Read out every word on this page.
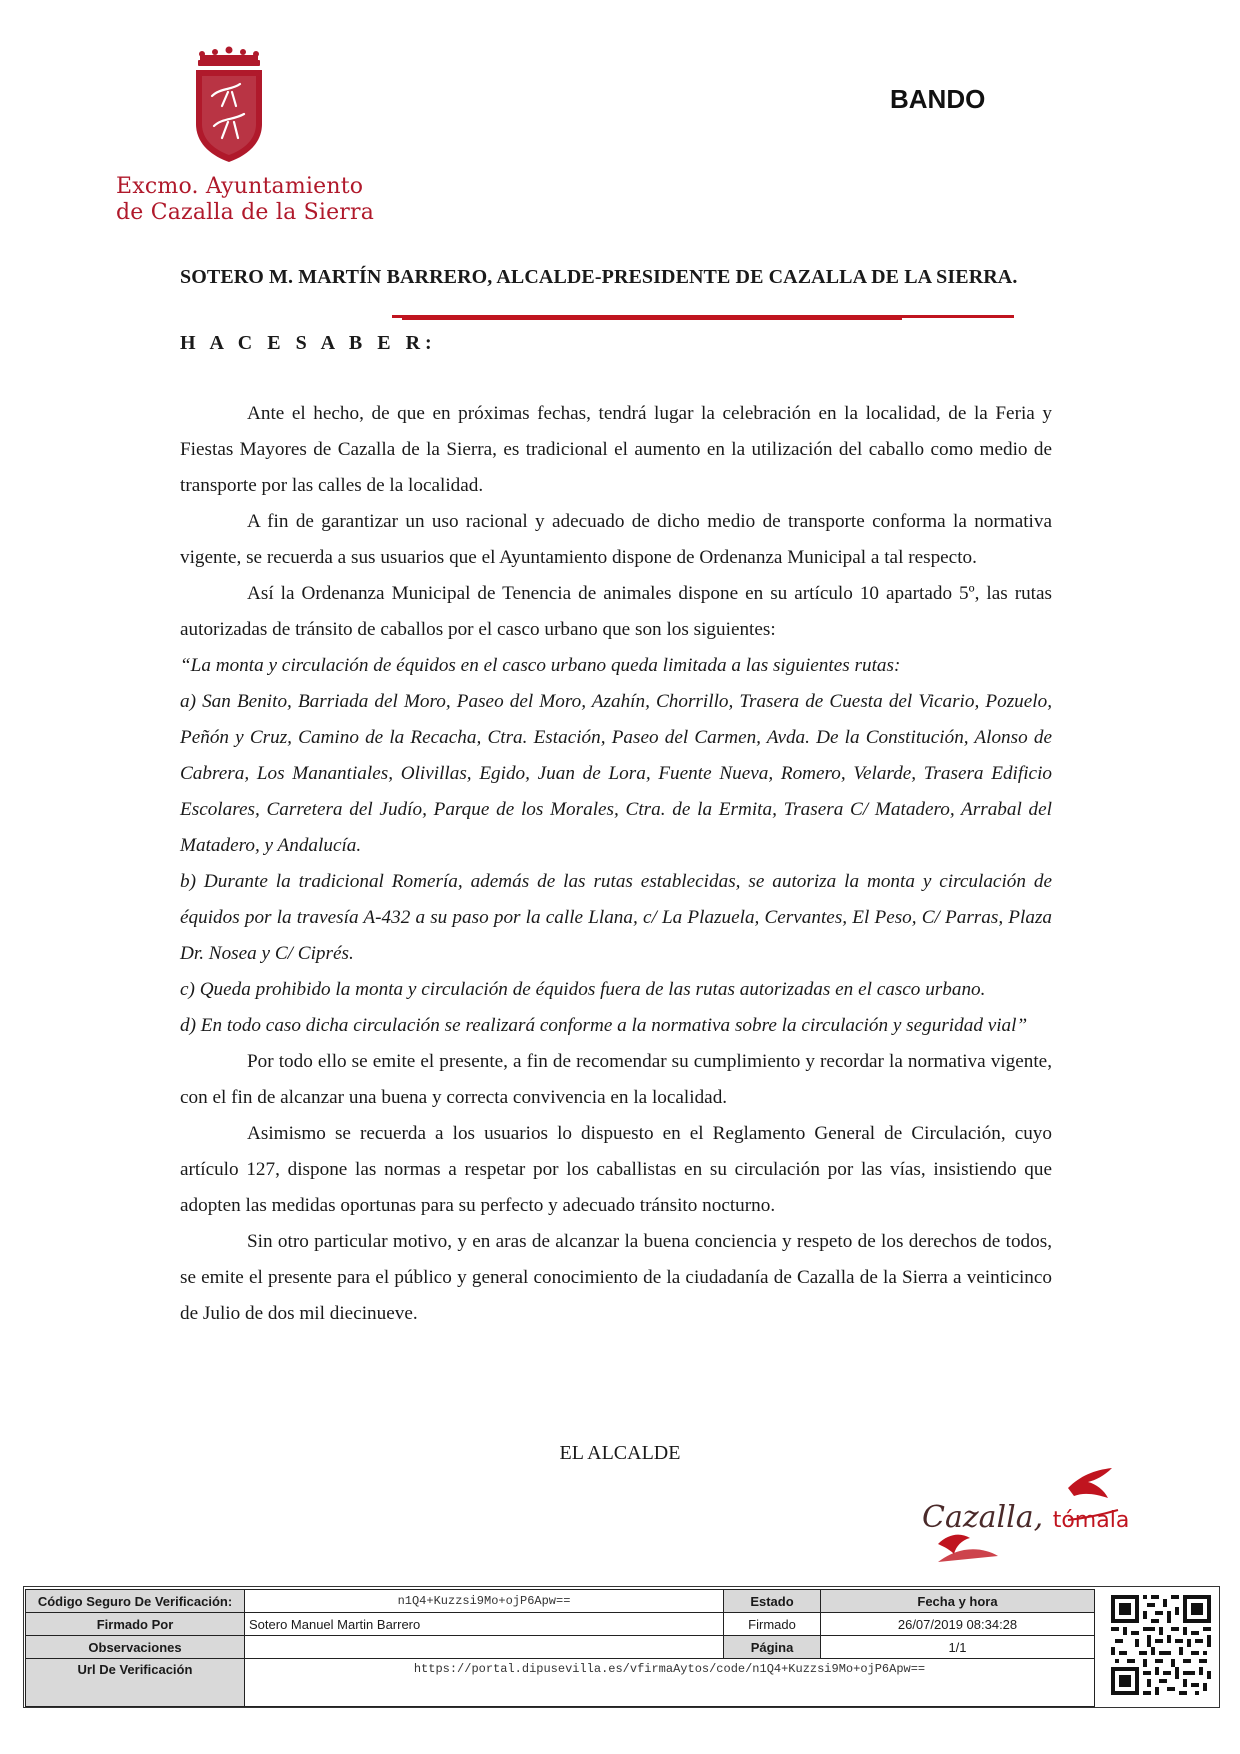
Excmo. Ayuntamiento
de Cazalla de la Sierra
BANDO
SOTERO M. MARTÍN BARRERO, ALCALDE-PRESIDENTE DE CAZALLA DE LA SIERRA.
H A C E S A B E R:

Ante el hecho, de que en próximas fechas, tendrá lugar la celebración en la localidad, de la Feria y Fiestas Mayores de Cazalla de la Sierra, es tradicional el aumento en la utilización del caballo como medio de transporte por las calles de la localidad.

A fin de garantizar un uso racional y adecuado de dicho medio de transporte conforma la normativa vigente, se recuerda a sus usuarios que el Ayuntamiento dispone de Ordenanza Municipal a tal respecto.

Así la Ordenanza Municipal de Tenencia de animales dispone en su artículo 10 apartado 5º, las rutas autorizadas de tránsito de caballos por el casco urbano que son los siguientes:

“La monta y circulación de équidos en el casco urbano queda limitada a las siguientes rutas:

a) San Benito, Barriada del Moro, Paseo del Moro, Azahín, Chorrillo, Trasera de Cuesta del Vicario, Pozuelo, Peñón y Cruz, Camino de la Recacha, Ctra. Estación, Paseo del Carmen, Avda. De la Constitución, Alonso de Cabrera, Los Manantiales, Olivillas, Egido, Juan de Lora, Fuente Nueva, Romero, Velarde, Trasera Edificio Escolares, Carretera del Judío, Parque de los Morales, Ctra. de la Ermita, Trasera C/ Matadero, Arrabal del Matadero, y Andalucía.

b) Durante la tradicional Romería, además de las rutas establecidas, se autoriza la monta y circulación de équidos por la travesía A-432 a su paso por la calle Llana, c/ La Plazuela, Cervantes, El Peso, C/ Parras, Plaza Dr. Nosea y C/ Ciprés.

c) Queda prohibido la monta y circulación de équidos fuera de las rutas autorizadas en el casco urbano.

d) En todo caso dicha circulación se realizará conforme a la normativa sobre la circulación y seguridad vial”

Por todo ello se emite el presente, a fin de recomendar su cumplimiento y recordar la normativa vigente, con el fin de alcanzar una buena y correcta convivencia en la localidad.

Asimismo se recuerda a los usuarios lo dispuesto en el Reglamento General de Circulación, cuyo artículo 127, dispone las normas a respetar por los caballistas en su circulación por las vías, insistiendo que adopten las medidas oportunas para su perfecto y adecuado tránsito nocturno.

Sin otro particular motivo, y en aras de alcanzar la buena conciencia y respeto de los derechos de todos, se emite el presente para el público y general conocimiento de la ciudadanía de Cazalla de la Sierra a veinticinco de Julio de dos mil diecinueve.

EL ALCALDE
Cazalla, tómala
Código Seguro De Verificación:	n1Q4+Kuzzsi9Mo+ojP6Apw==	Estado	Fecha y hora
Firmado Por	Sotero Manuel Martin Barrero	Firmado	26/07/2019 08:34:28
Observaciones		Página	1/1
Url De Verificación	https://portal.dipusevilla.es/vfirmaAytos/code/n1Q4+Kuzzsi9Mo+ojP6Apw==		
